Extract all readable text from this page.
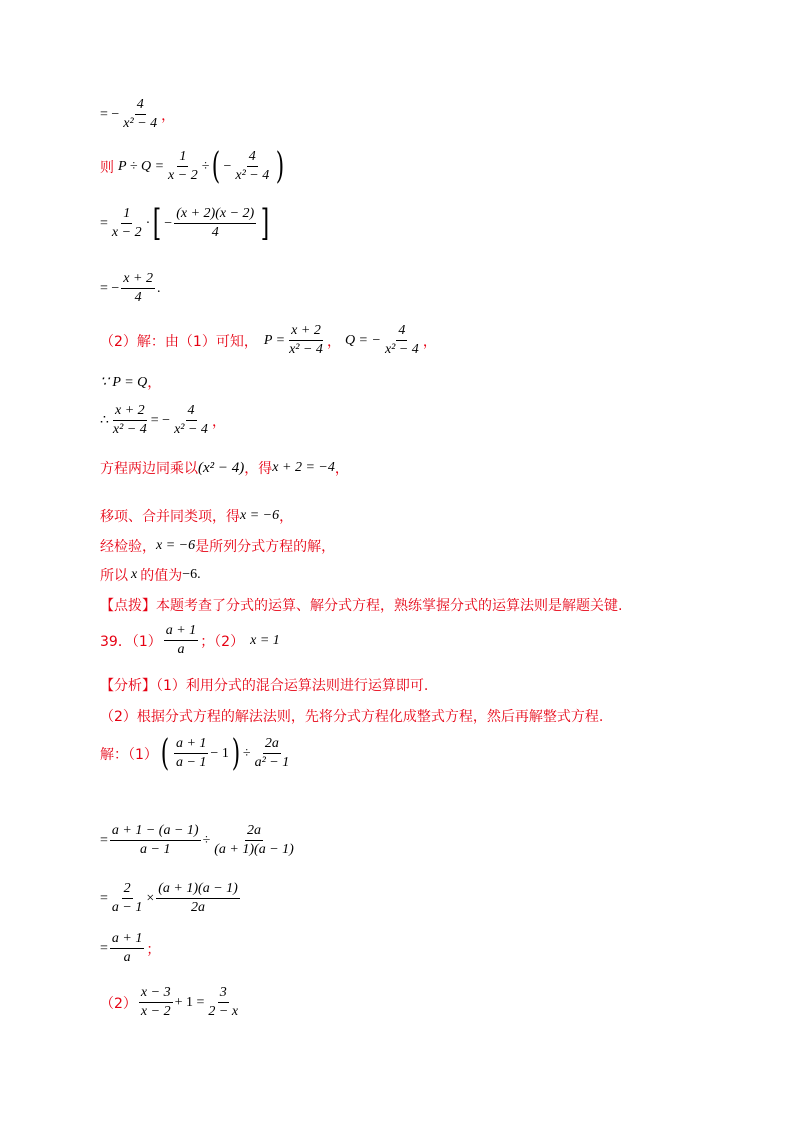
= − $\frac{4}{\text{x² − 4}}$ ，
则 $P \div Q = \frac{1}{x - 2}$ ÷ ( − $\frac{4}{\text{x² − 4}}$ )
= $\frac{1}{x - 2}$ · [ − $\frac{(x + 2)(x - 2)}{4}$ ]
= − $\frac{x + 2}{4}$ .
（2）解：由（1）可知， $P = \frac{x + 2}{\text{x² − 4}}$ ， Q = − $\frac{4}{\text{x² − 4}}$ ，
∵ P = Q ，
∴ $\frac{x + 2}{\text{x² − 4}}$ = − $\frac{4}{\text{x² − 4}}$ ，
方程两边同乘以 (x² − 4) ，得 x + 2 = −4 ，
移项、合并同类项，得 x = −6 ，
经检验， x = −6 是所列分式方程的解，
所以 x 的值为 −6 .
【点拨】本题考查了分式的运算、解分式方程，熟练掌握分式的运算法则是解题关键.
39．$(1) \frac{a + 1}{a}$ ；（2） x = 1
【分析】（1）利用分式的混合运算法则进行运算即可.
（2）根据分式方程的解法法则，先将分式方程化成整式方程，然后再解整式方程.
解：（1） ( $\frac{a + 1}{a - 1} - 1$ ) ÷ $\frac{2a}{\text{a² − 1}}$
= $\frac{a + 1 - (a - 1)}{a - 1} \div \frac{2a}{(a + 1)(a - 1)}$
= $\frac{2}{a - 1} \times \frac{(a + 1)(a - 1)}{2a}$
= $\frac{a + 1}{a}$ ；
$(2) \frac{x - 3}{x - 2} + 1 = \frac{3}{2 - x}$
